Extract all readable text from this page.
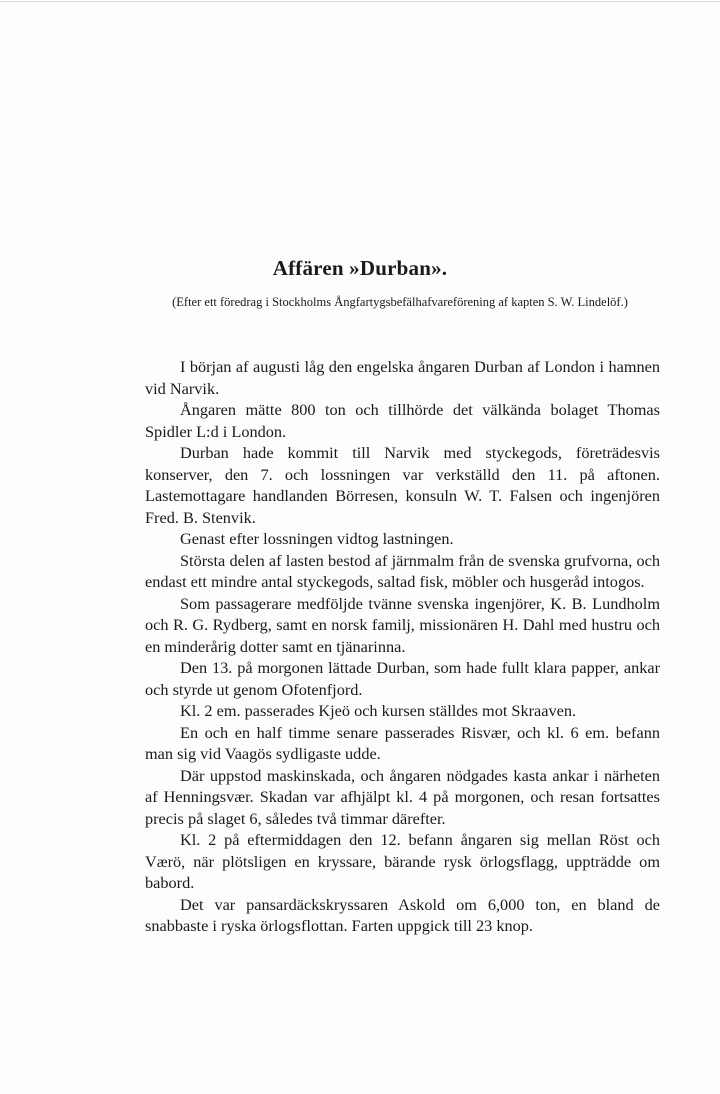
Affären »Durban».
(Efter ett föredrag i Stockholms Ångfartygsbefälhafvareförening af kapten S. W. Lindelöf.)

I början af augusti låg den engelska ångaren Durban af London i hamnen vid Narvik.

Ångaren mätte 800 ton och tillhörde det välkända bolaget Thomas Spidler L:d i London.

Durban hade kommit till Narvik med styckegods, företrädesvis konserver, den 7. och lossningen var verkställd den 11. på aftonen. Lastemottagare handlanden Börresen, konsuln W. T. Falsen och ingenjören Fred. B. Stenvik.

Genast efter lossningen vidtog lastningen.

Största delen af lasten bestod af järnmalm från de svenska grufvorna, och endast ett mindre antal styckegods, saltad fisk, möbler och husgeråd intogos.

Som passagerare medföljde tvänne svenska ingenjörer, K. B. Lundholm och R. G. Rydberg, samt en norsk familj, missionären H. Dahl med hustru och en minderårig dotter samt en tjänarinna.

Den 13. på morgonen lättade Durban, som hade fullt klara papper, ankar och styrde ut genom Ofotenfjord.

Kl. 2 em. passerades Kjeö och kursen ställdes mot Skraaven.

En och en half timme senare passerades Risvær, och kl. 6 em. befann man sig vid Vaagös sydligaste udde.

Där uppstod maskinskada, och ångaren nödgades kasta ankar i närheten af Henningsvær. Skadan var afhjälpt kl. 4 på morgonen, och resan fortsattes precis på slaget 6, således två timmar därefter.

Kl. 2 på eftermiddagen den 12. befann ångaren sig mellan Röst och Værö, när plötsligen en kryssare, bärande rysk örlogsflagg, uppträdde om babord.

Det var pansardäckskryssaren Askold om 6,000 ton, en bland de snabbaste i ryska örlogsflottan. Farten uppgick till 23 knop.
